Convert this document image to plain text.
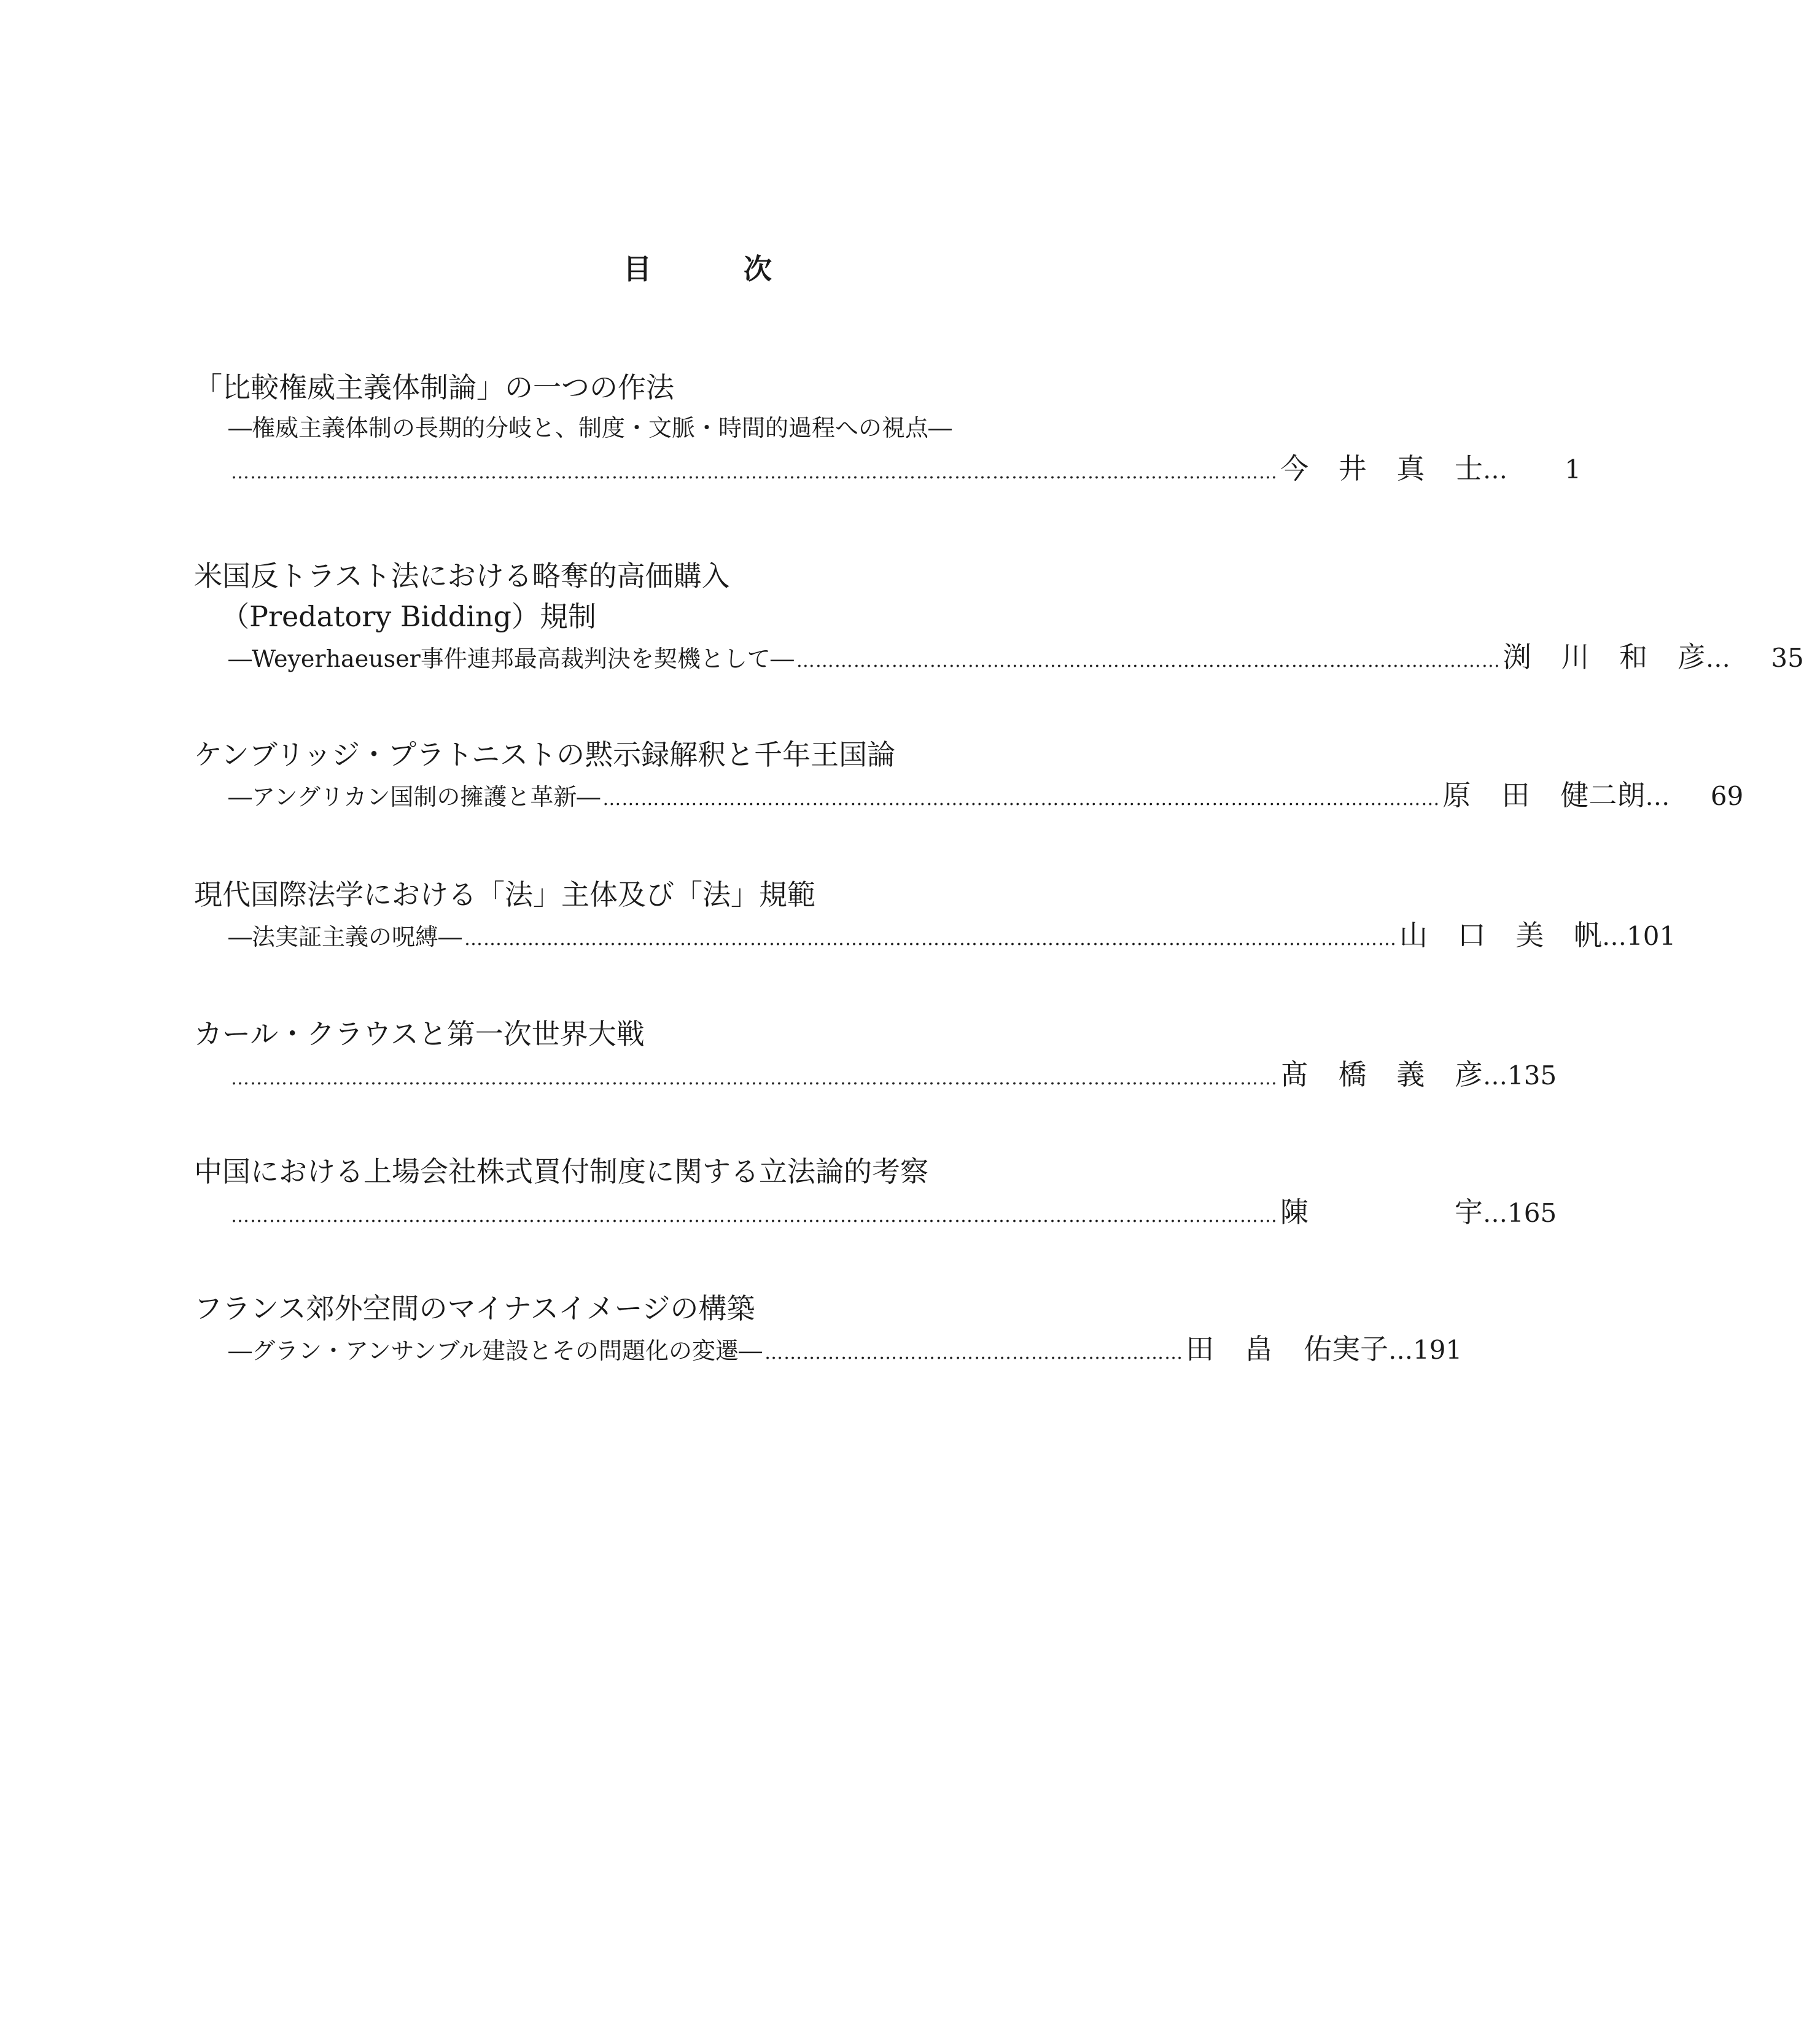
目次
「比較権威主義体制論」の一つの作法
―権威主義体制の長期的分岐と、制度・文脈・時間的過程への視点―
………………………………………………………………………………………………………………………………………………… 今 井 真 士 …	1
米国反トラスト法における略奪的高価購入
（Predatory Bidding）規制
―Weyerhaeuser事件連邦最高裁判決を契機として― ………………………………………………………………………………………………… 渕 川 和 彦 …	35
ケンブリッジ・プラトニストの黙示録解釈と千年王国論
―アングリカン国制の擁護と革新― …………………………………………………………………………………………………………………… 原 田 健二朗 …	69
現代国際法学における「法」主体及び「法」規範
―法実証主義の呪縛― ………………………………………………………………………………………………………………………………… 山 口 美 帆 … 101
カール・クラウスと第一次世界大戦
………………………………………………………………………………………………………………………………………………… 髙 橋 義 彦 … 135
中国における上場会社株式買付制度に関する立法論的考察
………………………………………………………………………………………………………………………………………………… 陳	宇 … 165
フランス郊外空間のマイナスイメージの構築
―グラン・アンサンブル建設とその問題化の変遷― ………………………………………………………… 田 畠 佑実子 … 191
